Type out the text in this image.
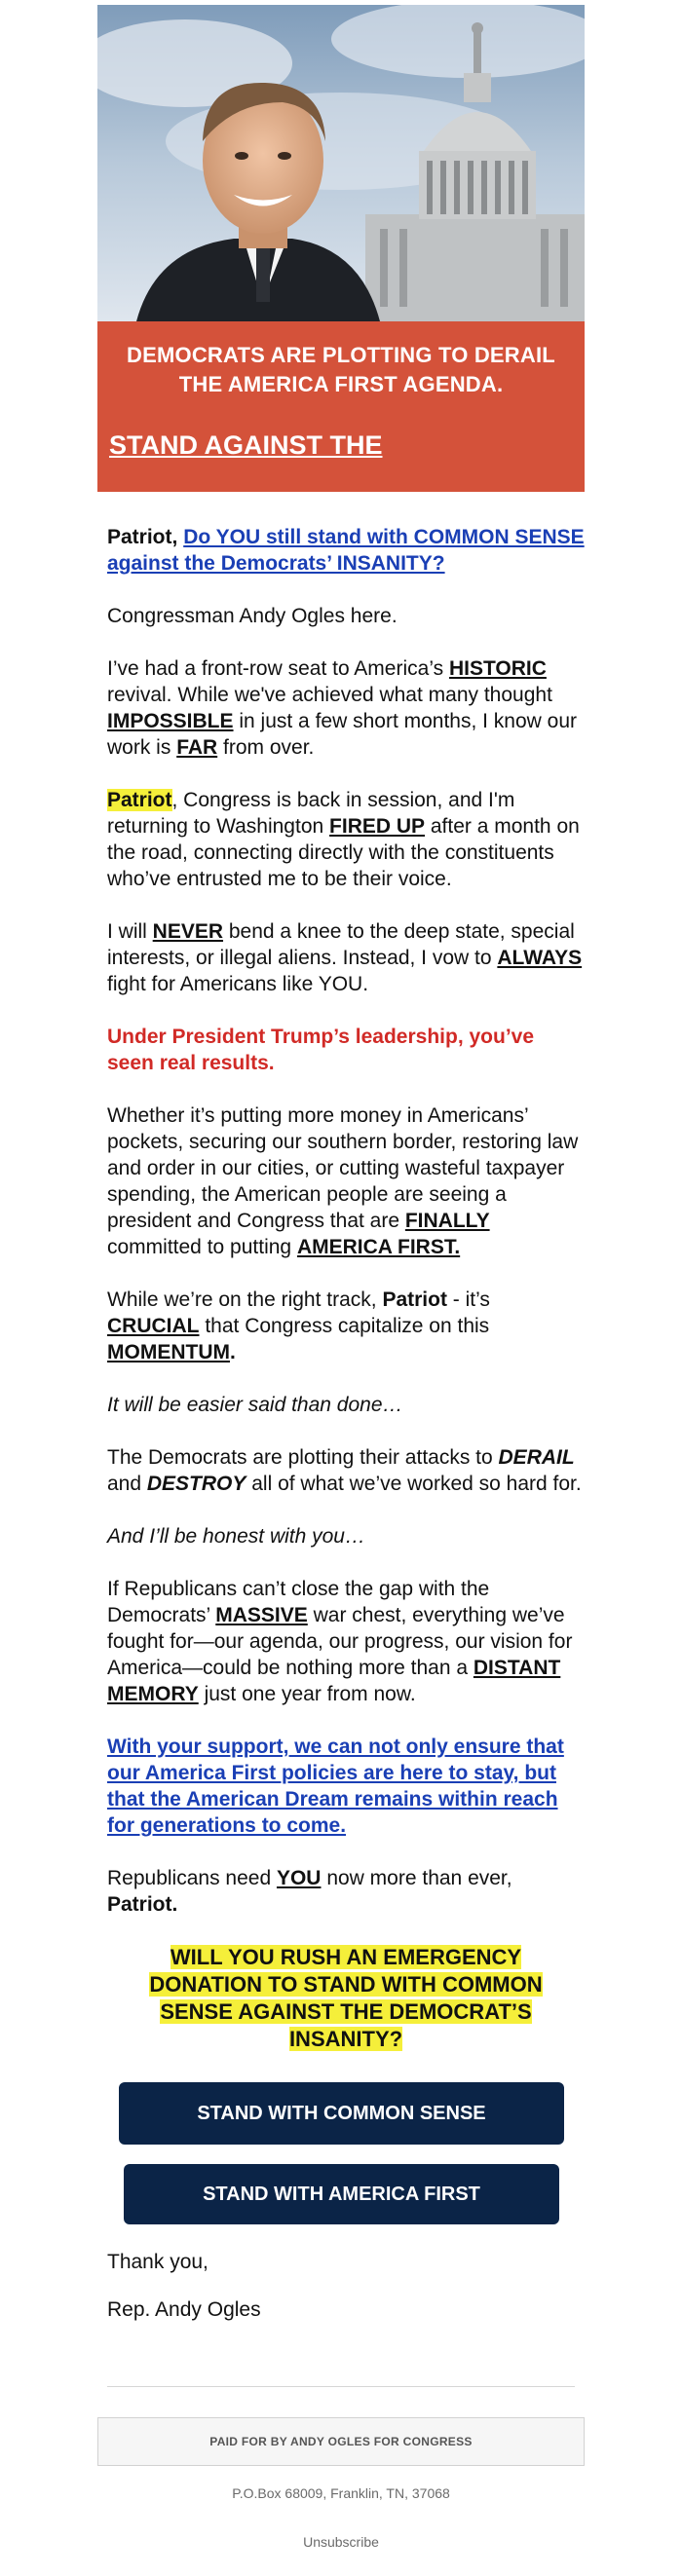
DEMOCRATS ARE PLOTTING TO DERAIL THE AMERICA FIRST AGENDA.
STAND AGAINST THE

Patriot, Do YOU still stand with COMMON SENSE against the Democrats’ INSANITY?

Congressman Andy Ogles here.

I’ve had a front-row seat to America’s HISTORIC revival. While we've achieved what many thought IMPOSSIBLE in just a few short months, I know our work is FAR from over.

Patriot, Congress is back in session, and I'm returning to Washington FIRED UP after a month on the road, connecting directly with the constituents who’ve entrusted me to be their voice.

I will NEVER bend a knee to the deep state, special interests, or illegal aliens. Instead, I vow to ALWAYS fight for Americans like YOU.

Under President Trump’s leadership, you’ve seen real results.

Whether it’s putting more money in Americans’ pockets, securing our southern border, restoring law and order in our cities, or cutting wasteful taxpayer spending, the American people are seeing a president and Congress that are FINALLY committed to putting AMERICA FIRST.

While we’re on the right track, Patriot - it’s CRUCIAL that Congress capitalize on this MOMENTUM.

It will be easier said than done…

The Democrats are plotting their attacks to DERAIL and DESTROY all of what we’ve worked so hard for.

And I’ll be honest with you…

If Republicans can’t close the gap with the Democrats’ MASSIVE war chest, everything we’ve fought for—our agenda, our progress, our vision for America—could be nothing more than a DISTANT MEMORY just one year from now.

With your support, we can not only ensure that our America First policies are here to stay, but that the American Dream remains within reach for generations to come.

Republicans need YOU now more than ever, Patriot.

WILL YOU RUSH AN EMERGENCY DONATION TO STAND WITH COMMON SENSE AGAINST THE DEMOCRAT’S INSANITY?
STAND WITH COMMON SENSE
STAND WITH AMERICA FIRST

Thank you,

Rep. Andy Ogles

PAID FOR BY ANDY OGLES FOR CONGRESS
P.O.Box 68009, Franklin, TN, 37068
Unsubscribe
